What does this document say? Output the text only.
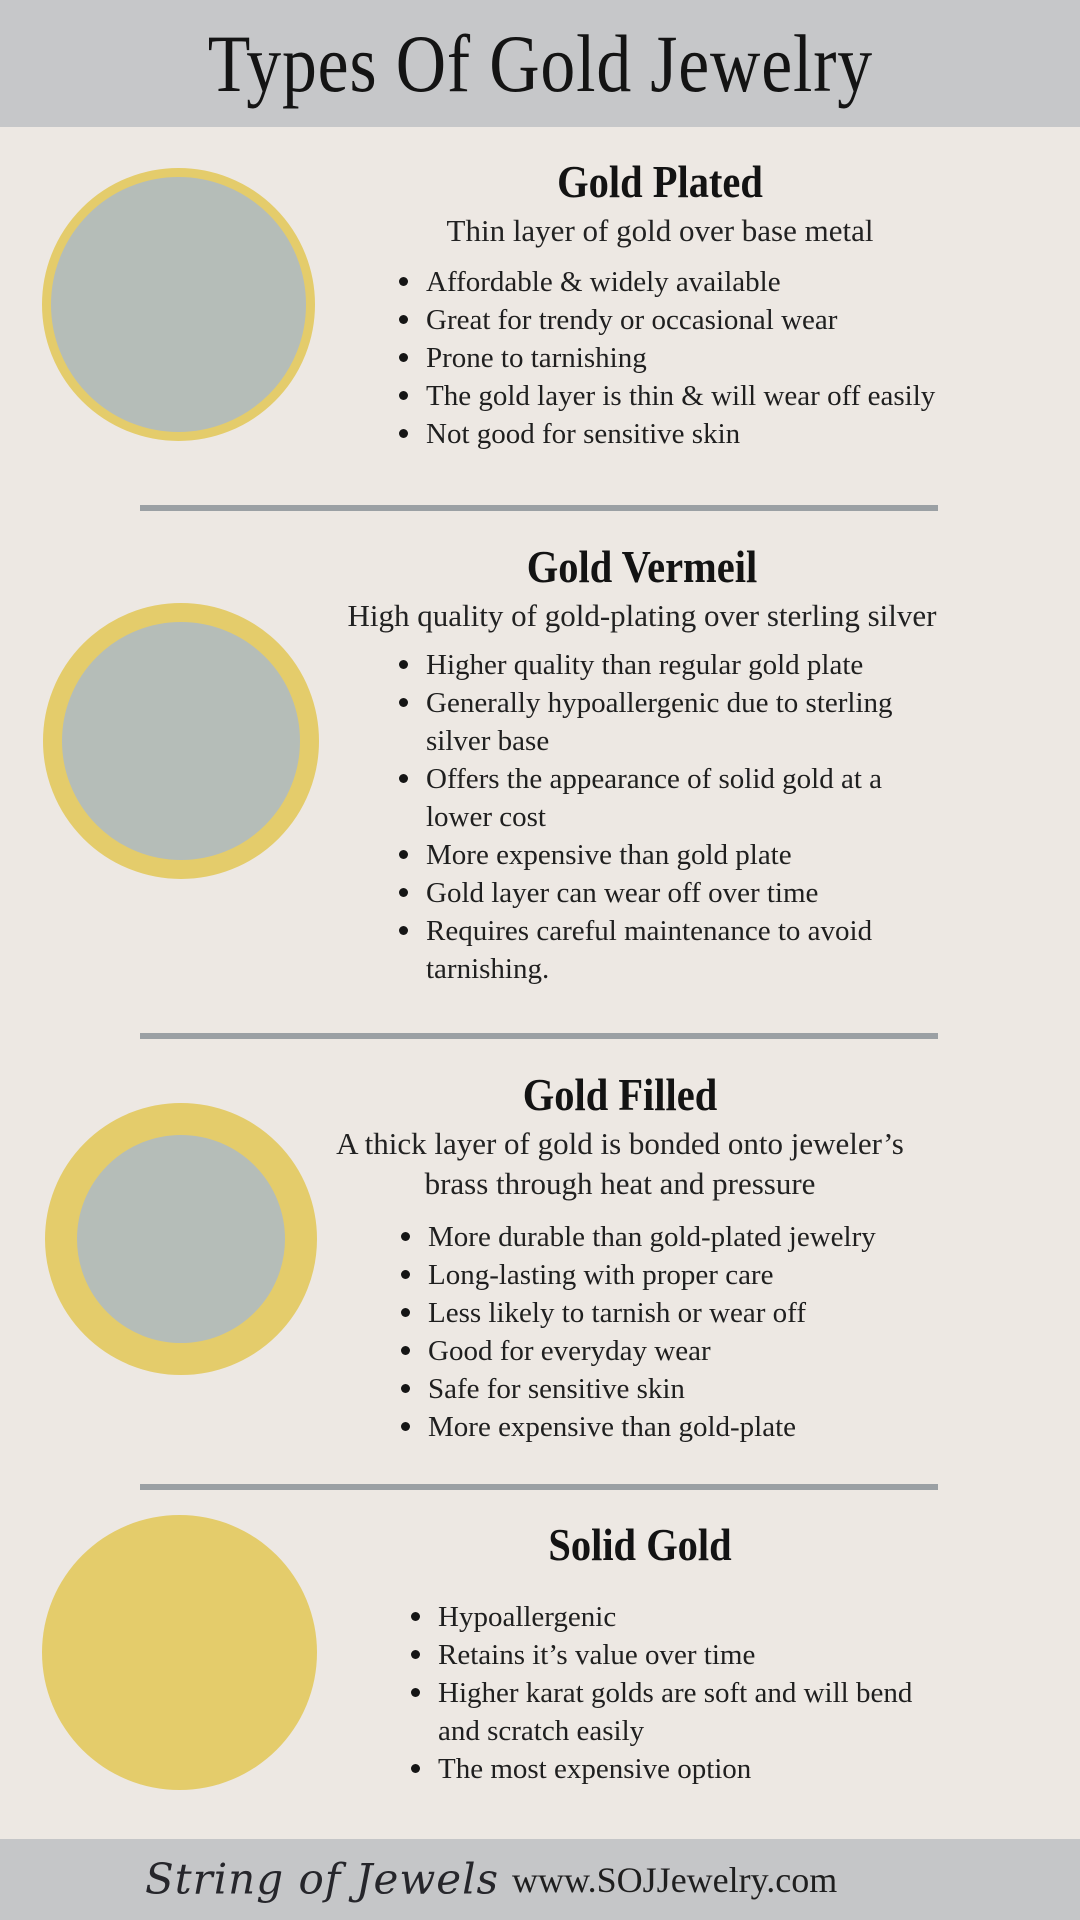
Types Of Gold Jewelry
Gold Plated

Thin layer of gold over base metal

Affordable & widely available
Great for trendy or occasional wear
Prone to tarnishing
The gold layer is thin & will wear off easily
Not good for sensitive skin
Gold Vermeil

High quality of gold-plating over sterling silver

Higher quality than regular gold plate
Generally hypoallergenic due to sterling silver base
Offers the appearance of solid gold at a lower cost
More expensive than gold plate
Gold layer can wear off over time
Requires careful maintenance to avoid tarnishing.
Gold Filled

A thick layer of gold is bonded onto jeweler’s brass through heat and pressure

More durable than gold-plated jewelry
Long-lasting with proper care
Less likely to tarnish or wear off
Good for everyday wear
Safe for sensitive skin
More expensive than gold-plate
Solid Gold
Hypoallergenic
Retains it’s value over time
Higher karat golds are soft and will bend and scratch easily
The most expensive option
String of Jewels www.SOJJewelry.com
